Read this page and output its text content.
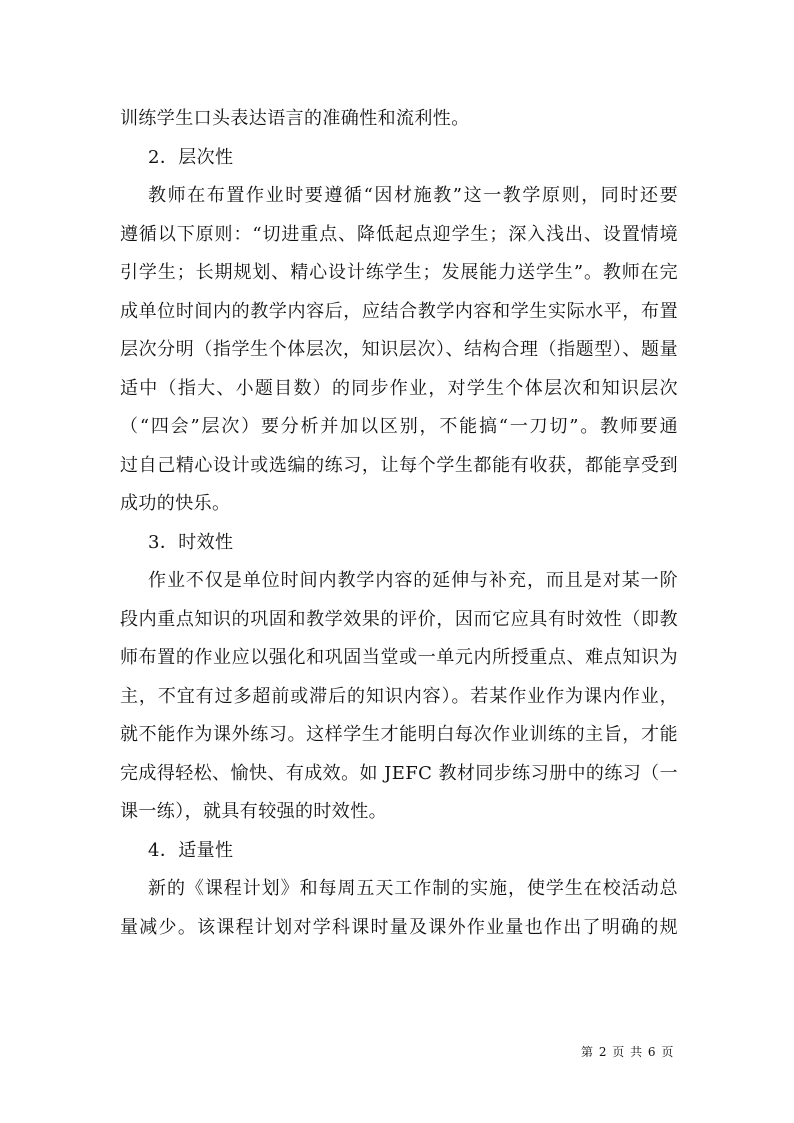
训练学生口头表达语言的准确性和流利性。
2．层次性
教师在布置作业时要遵循“因材施教”这一教学原则，同时还要
遵循以下原则：“切进重点、降低起点迎学生；深入浅出、设置情境
引学生；长期规划、精心设计练学生；发展能力送学生”。教师在完
成单位时间内的教学内容后，应结合教学内容和学生实际水平，布置
层次分明（指学生个体层次，知识层次）、结构合理（指题型）、题量
适中（指大、小题目数）的同步作业，对学生个体层次和知识层次
（“四会”层次）要分析并加以区别，不能搞“一刀切”。教师要通
过自己精心设计或选编的练习，让每个学生都能有收获，都能享受到
成功的快乐。
3．时效性
作业不仅是单位时间内教学内容的延伸与补充，而且是对某一阶
段内重点知识的巩固和教学效果的评价，因而它应具有时效性（即教
师布置的作业应以强化和巩固当堂或一单元内所授重点、难点知识为
主，不宜有过多超前或滞后的知识内容）。若某作业作为课内作业，
就不能作为课外练习。这样学生才能明白每次作业训练的主旨，才能
完成得轻松、愉快、有成效。如 JEFC 教材同步练习册中的练习（一
课一练），就具有较强的时效性。
4．适量性
新的《课程计划》和每周五天工作制的实施，使学生在校活动总
量减少。该课程计划对学科课时量及课外作业量也作出了明确的规
第 2 页 共 6 页
